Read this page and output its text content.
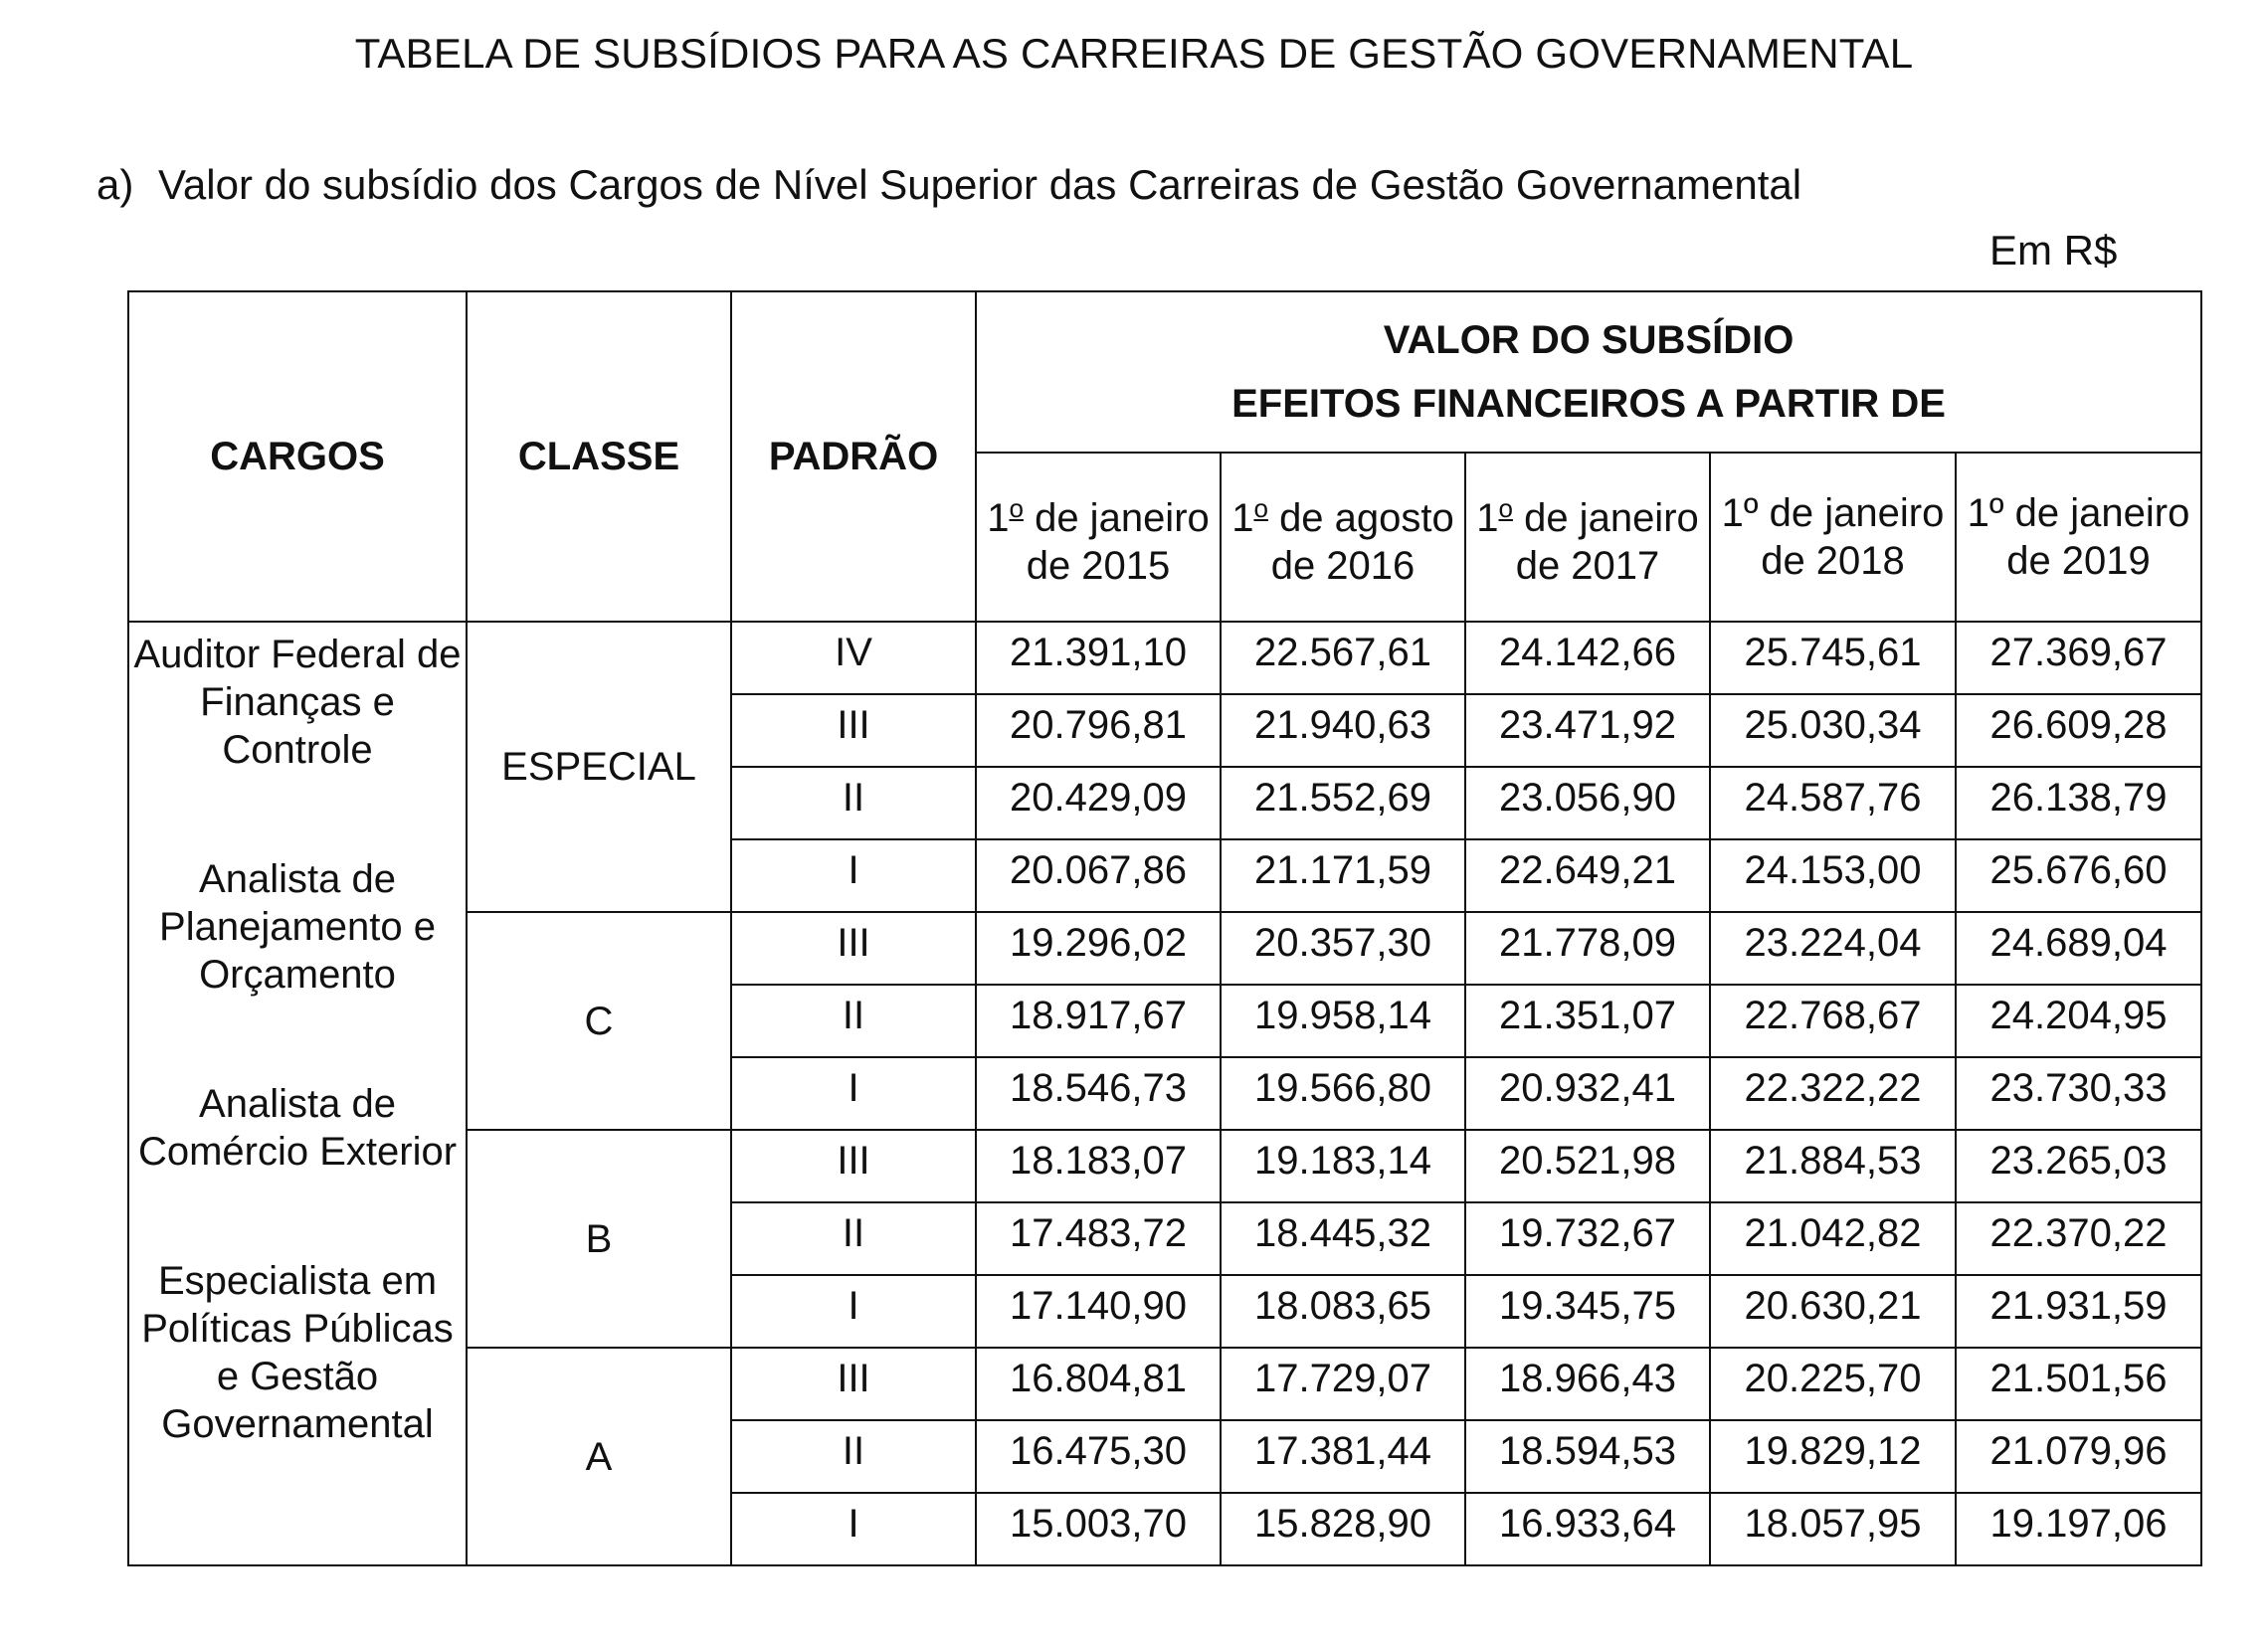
TABELA DE SUBSÍDIOS PARA AS CARREIRAS DE GESTÃO GOVERNAMENTAL
a) Valor do subsídio dos Cargos de Nível Superior das Carreiras de Gestão Governamental
Em R$
CARGOS	CLASSE	PADRÃO	VALOR DO SUBSÍDIO
EFEITOS FINANCEIROS A PARTIR DE				

			1$^o$ de janeiro de 2015	1$^o$ de agosto de 2016	1$^o$ de janeiro de 2017	1º de janeiro de 2018	1º de janeiro de 2019

Auditor Federal de Finanças e Controle
Analista de Planejamento e Orçamento
Analista de Comércio Exterior
Especialista em Políticas Públicas e Gestão Governamental	ESPECIAL	IV	21.391,10	22.567,61	24.142,66	25.745,61	27.369,67
		III	20.796,81	21.940,63	23.471,92	25.030,34	26.609,28
		II	20.429,09	21.552,69	23.056,90	24.587,76	26.138,79
		I	20.067,86	21.171,59	22.649,21	24.153,00	25.676,60
	C	III	19.296,02	20.357,30	21.778,09	23.224,04	24.689,04
		II	18.917,67	19.958,14	21.351,07	22.768,67	24.204,95
		I	18.546,73	19.566,80	20.932,41	22.322,22	23.730,33
	B	III	18.183,07	19.183,14	20.521,98	21.884,53	23.265,03
		II	17.483,72	18.445,32	19.732,67	21.042,82	22.370,22
		I	17.140,90	18.083,65	19.345,75	20.630,21	21.931,59
	A	III	16.804,81	17.729,07	18.966,43	20.225,70	21.501,56
		II	16.475,30	17.381,44	18.594,53	19.829,12	21.079,96
		I	15.003,70	15.828,90	16.933,64	18.057,95	19.197,06
